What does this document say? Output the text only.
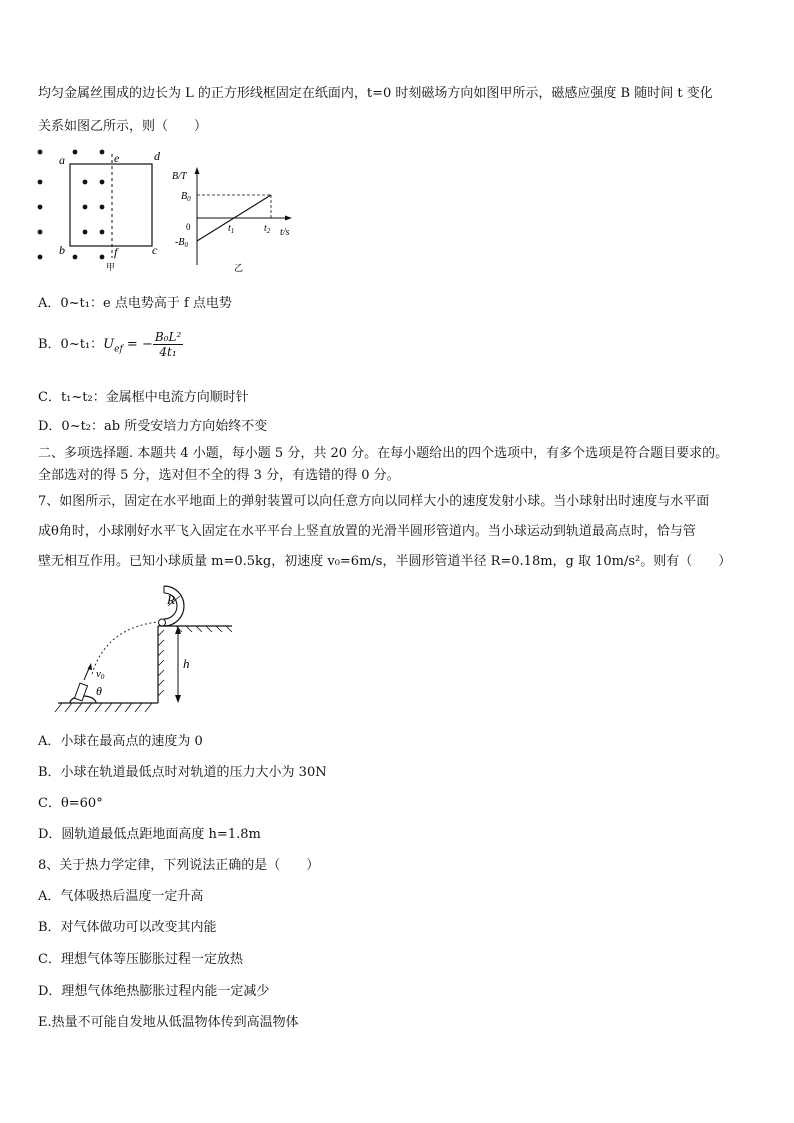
均匀金属丝围成的边长为 L 的正方形线框固定在纸面内，t=0 时刻磁场方向如图甲所示，磁感应强度 B 随时间 t 变化
关系如图乙所示，则（　　）
a	d
e
b	c
f
甲
B/T
t/s
0
$B_0$
$-B_0$
$t_1$	$t_2$
乙
A．0~t₁：e 点电势高于 f 点电势
B．0~t₁：$U_{ef}$ = − $\frac{\text{B₀L²}}{\text{4t₁}}$
C．t₁~t₂：金属框中电流方向顺时针
D．0~t₂：ab 所受安培力方向始终不变
二、多项选择题. 本题共 4 小题，每小题 5 分，共 20 分。在每小题给出的四个选项中，有多个选项是符合题目要求的。
全部选对的得 5 分，选对但不全的得 3 分，有选错的得 0 分。
7、如图所示，固定在水平地面上的弹射装置可以向任意方向以同样大小的速度发射小球。当小球射出时速度与水平面
成θ角时，小球刚好水平飞入固定在水平平台上竖直放置的光滑半圆形管道内。当小球运动到轨道最高点时，恰与管
壁无相互作用。已知小球质量 m=0.5kg，初速度 v₀=6m/s，半圆形管道半径 R=0.18m，g 取 10m/s²。则有（　　）
R
h
v0
θ
A．小球在最高点的速度为 0
B．小球在轨道最低点时对轨道的压力大小为 30N
C．θ=60°
D．圆轨道最低点距地面高度 h=1.8m
8、关于热力学定律，下列说法正确的是（　　）
A．气体吸热后温度一定升高
B．对气体做功可以改变其内能
C．理想气体等压膨胀过程一定放热
D．理想气体绝热膨胀过程内能一定减少
E.热量不可能自发地从低温物体传到高温物体
